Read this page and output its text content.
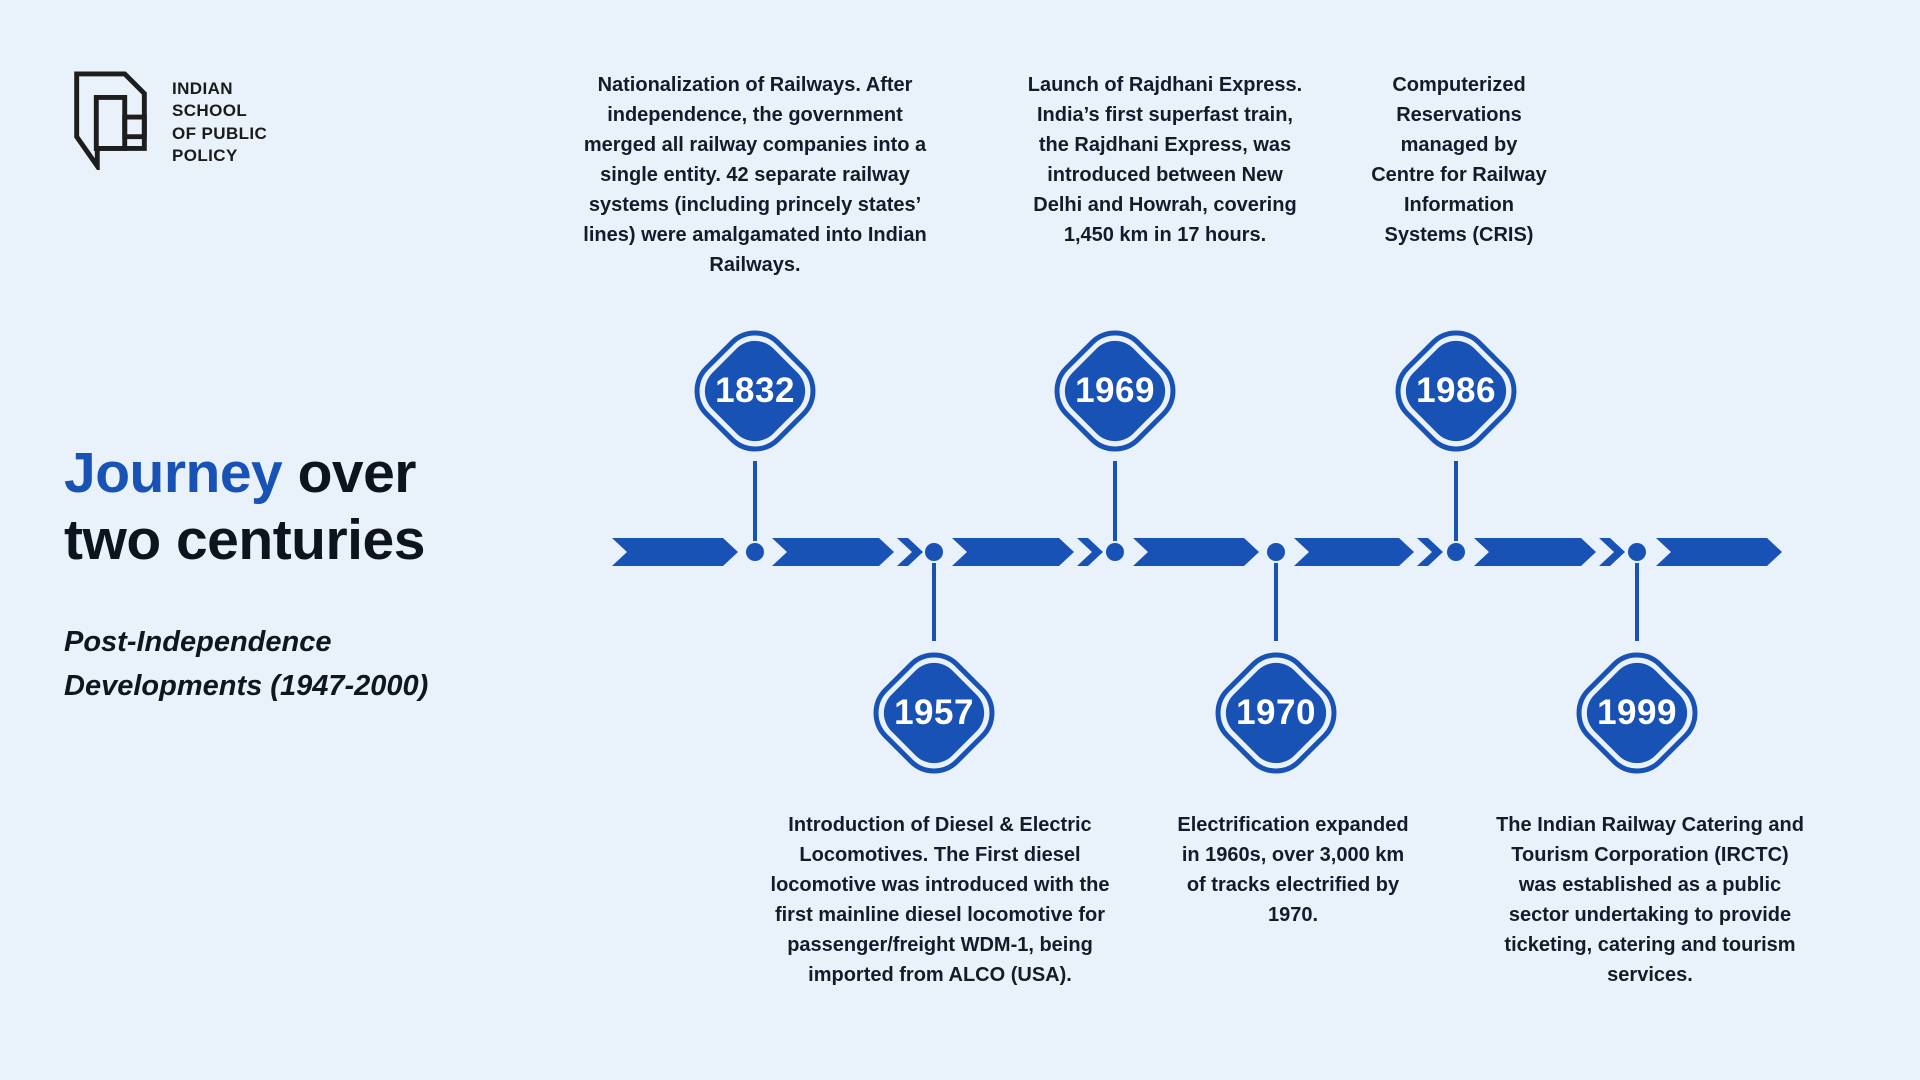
INDIAN
SCHOOL
OF PUBLIC
POLICY
Journey over
two centuries
Post-Independence
Developments (1947-2000)
Nationalization of Railways. After independence, the government merged all railway companies into a single entity. 42 separate railway systems (including princely states’ lines) were amalgamated into Indian Railways.
1832
Introduction of Diesel & Electric Locomotives. The First diesel locomotive was introduced with the first mainline diesel locomotive for passenger/freight WDM-1, being imported from ALCO (USA).
1957
Launch of Rajdhani Express. India’s first superfast train, the Rajdhani Express, was introduced between New Delhi and Howrah, covering 1,450 km in 17 hours.
1969
Electrification expanded in 1960s, over 3,000 km of tracks electrified by 1970.
1970
Computerized Reservations managed by Centre for Railway Information Systems (CRIS)
1986
The Indian Railway Catering and Tourism Corporation (IRCTC) was established as a public sector undertaking to provide ticketing, catering and tourism services.
1999
